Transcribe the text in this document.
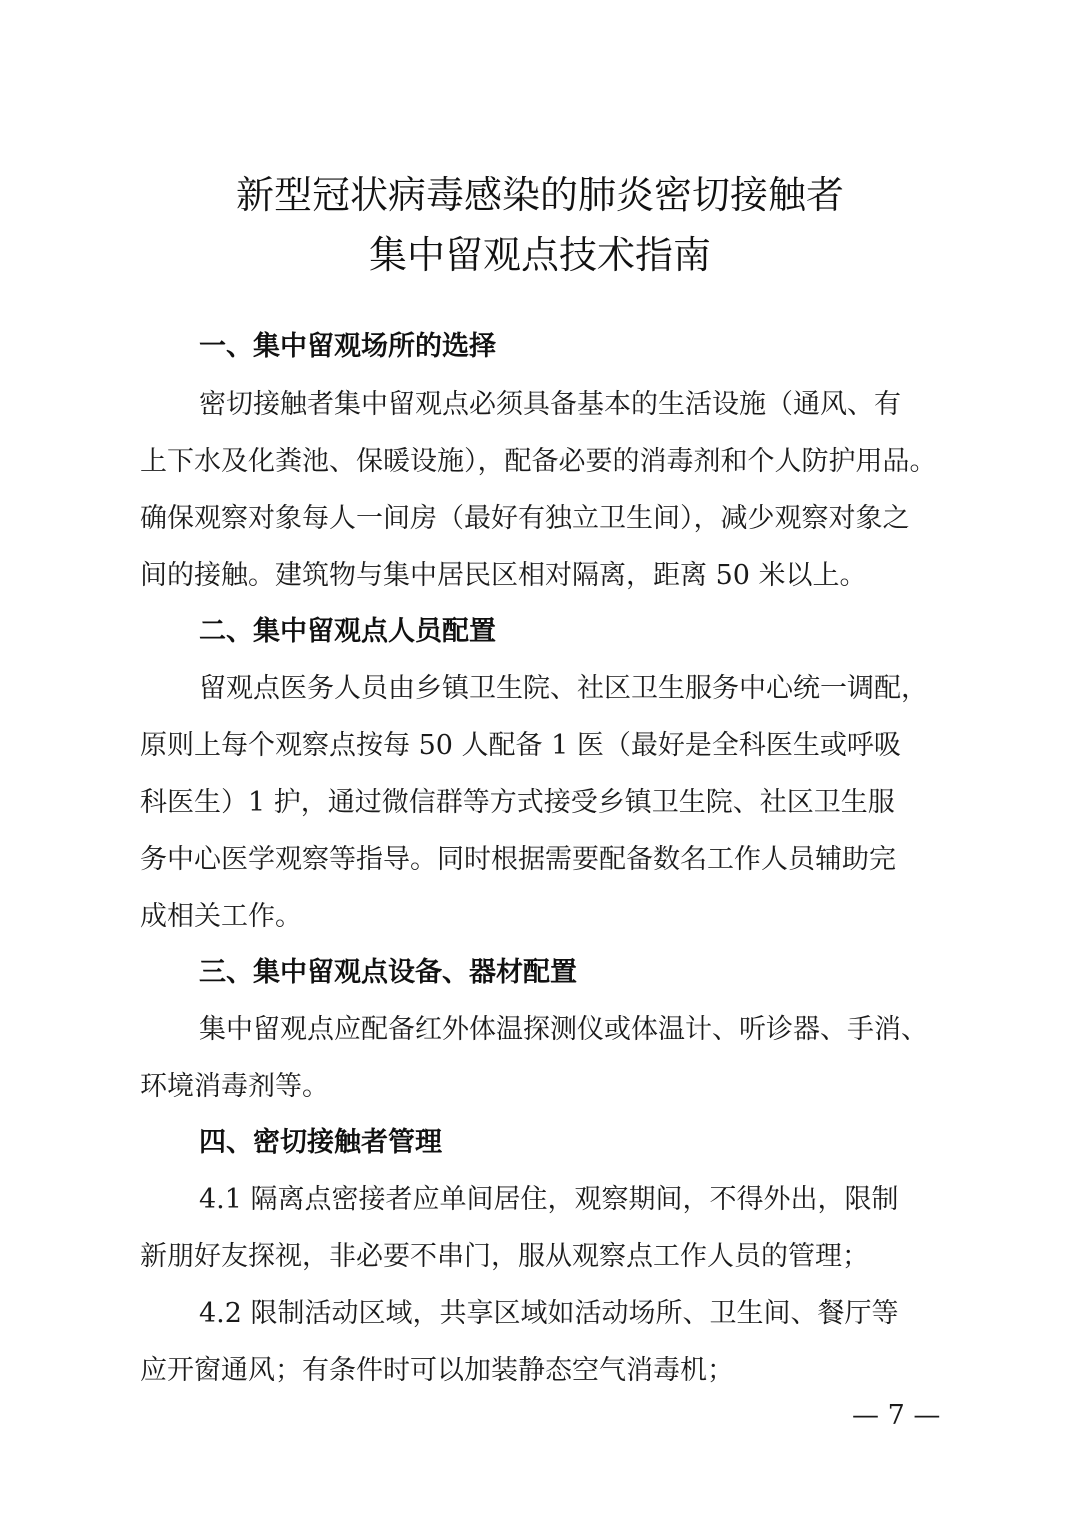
新型冠状病毒感染的肺炎密切接触者
集中留观点技术指南
一、集中留观场所的选择
密切接触者集中留观点必须具备基本的生活设施（通风、有
上下水及化粪池、保暖设施），配备必要的消毒剂和个人防护用品。
确保观察对象每人一间房（最好有独立卫生间），减少观察对象之
间的接触。建筑物与集中居民区相对隔离，距离 50 米以上。
二、集中留观点人员配置
留观点医务人员由乡镇卫生院、社区卫生服务中心统一调配，
原则上每个观察点按每 50 人配备 1 医（最好是全科医生或呼吸
科医生）1 护，通过微信群等方式接受乡镇卫生院、社区卫生服
务中心医学观察等指导。同时根据需要配备数名工作人员辅助完
成相关工作。
三、集中留观点设备、器材配置
集中留观点应配备红外体温探测仪或体温计、听诊器、手消、
环境消毒剂等。
四、密切接触者管理
4.1 隔离点密接者应单间居住，观察期间，不得外出，限制
新朋好友探视，非必要不串门，服从观察点工作人员的管理；
4.2 限制活动区域，共享区域如活动场所、卫生间、餐厅等
应开窗通风；有条件时可以加装静态空气消毒机；
— 7 —
